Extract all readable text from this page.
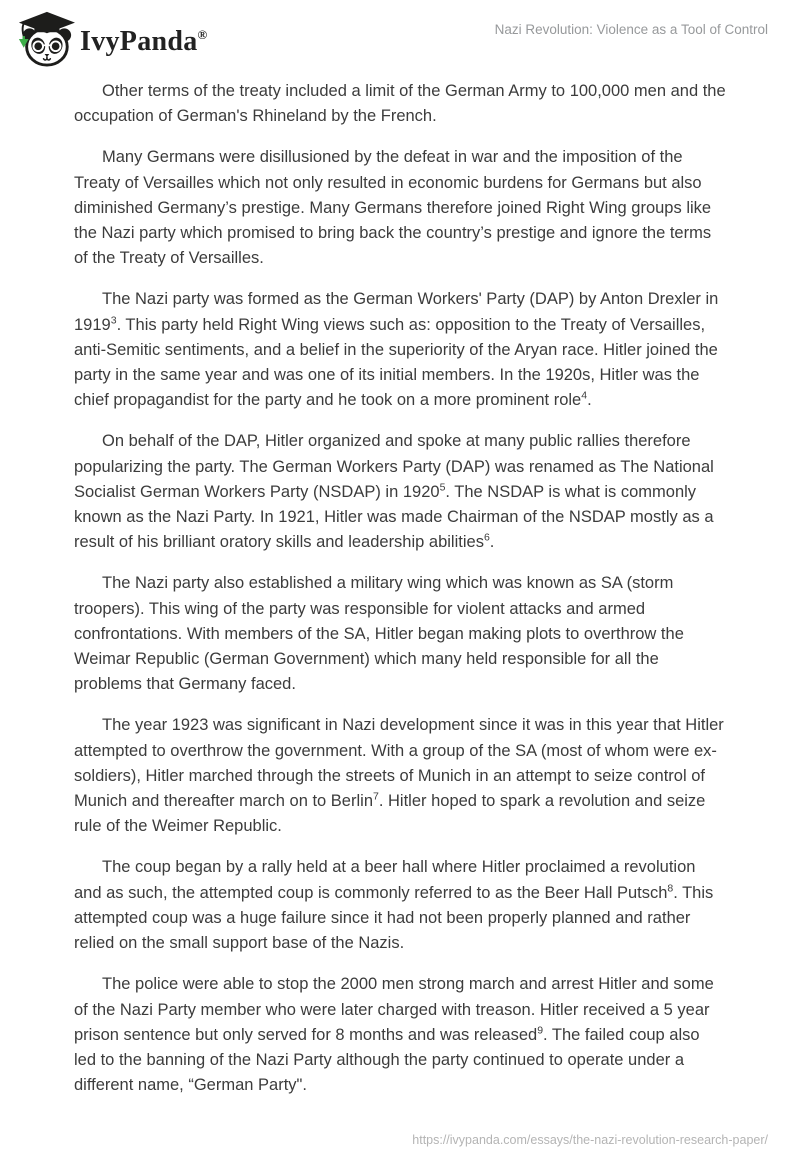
IvyPanda®	Nazi Revolution: Violence as a Tool of Control

Other terms of the treaty included a limit of the German Army to 100,000 men and the occupation of German's Rhineland by the French.

Many Germans were disillusioned by the defeat in war and the imposition of the Treaty of Versailles which not only resulted in economic burdens for Germans but also diminished Germany’s prestige. Many Germans therefore joined Right Wing groups like the Nazi party which promised to bring back the country’s prestige and ignore the terms of the Treaty of Versailles.

The Nazi party was formed as the German Workers' Party (DAP) by Anton Drexler in 1919$^3$. This party held Right Wing views such as: opposition to the Treaty of Versailles, anti-Semitic sentiments, and a belief in the superiority of the Aryan race. Hitler joined the party in the same year and was one of its initial members. In the 1920s, Hitler was the chief propagandist for the party and he took on a more prominent role$^4$.

On behalf of the DAP, Hitler organized and spoke at many public rallies therefore popularizing the party. The German Workers Party (DAP) was renamed as The National Socialist German Workers Party (NSDAP) in 1920$^5$. The NSDAP is what is commonly known as the Nazi Party. In 1921, Hitler was made Chairman of the NSDAP mostly as a result of his brilliant oratory skills and leadership abilities$^6$.

The Nazi party also established a military wing which was known as SA (storm troopers). This wing of the party was responsible for violent attacks and armed confrontations. With members of the SA, Hitler began making plots to overthrow the Weimar Republic (German Government) which many held responsible for all the problems that Germany faced.

The year 1923 was significant in Nazi development since it was in this year that Hitler attempted to overthrow the government. With a group of the SA (most of whom were ex-soldiers), Hitler marched through the streets of Munich in an attempt to seize control of Munich and thereafter march on to Berlin$^7$. Hitler hoped to spark a revolution and seize rule of the Weimer Republic.

The coup began by a rally held at a beer hall where Hitler proclaimed a revolution and as such, the attempted coup is commonly referred to as the Beer Hall Putsch$^8$. This attempted coup was a huge failure since it had not been properly planned and rather relied on the small support base of the Nazis.

The police were able to stop the 2000 men strong march and arrest Hitler and some of the Nazi Party member who were later charged with treason. Hitler received a 5 year prison sentence but only served for 8 months and was released$^9$. The failed coup also led to the banning of the Nazi Party although the party continued to operate under a different name, “German Party".

https://ivypanda.com/essays/the-nazi-revolution-research-paper/
